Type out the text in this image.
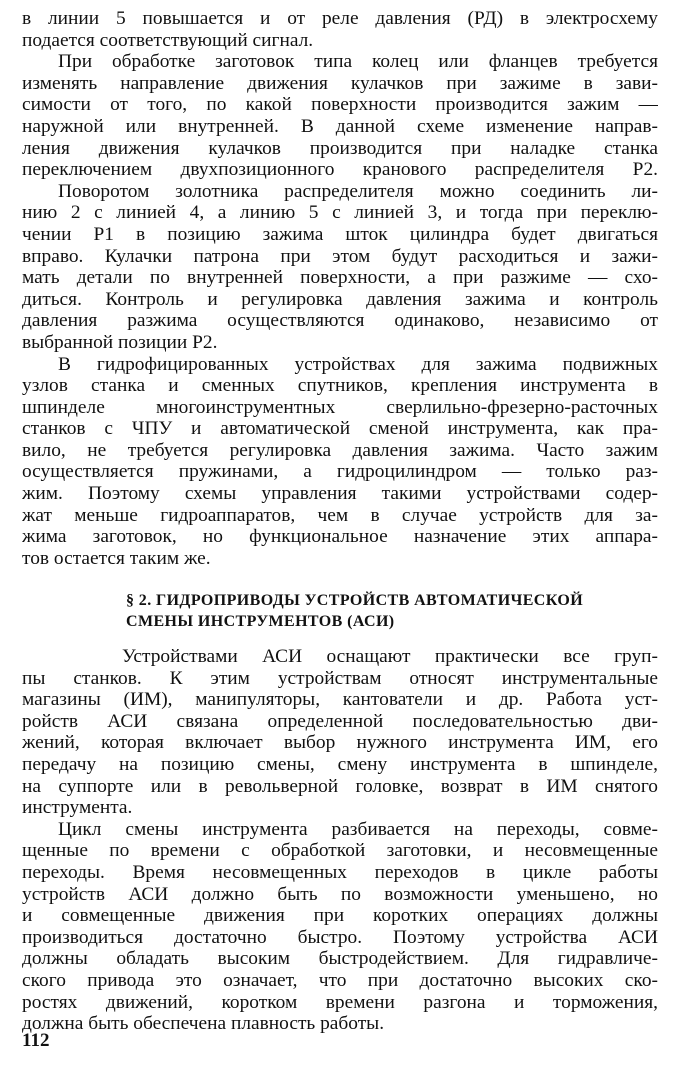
в линии 5 повышается и от реле давления (РД) в электросхему
подается соответствующий сигнал.
При обработке заготовок типа колец или фланцев требуется
изменять направление движения кулачков при зажиме в зави-
симости от того, по какой поверхности производится зажим —
наружной или внутренней. В данной схеме изменение направ-
ления движения кулачков производится при наладке станка
переключением двухпозиционного кранового распределителя Р2.
Поворотом золотника распределителя можно соединить ли-
нию 2 с линией 4, а линию 5 с линией 3, и тогда при переклю-
чении Р1 в позицию зажима шток цилиндра будет двигаться
вправо. Кулачки патрона при этом будут расходиться и зажи-
мать детали по внутренней поверхности, а при разжиме — схо-
диться. Контроль и регулировка давления зажима и контроль
давления разжима осуществляются одинаково, независимо от
выбранной позиции Р2.
В гидрофицированных устройствах для зажима подвижных
узлов станка и сменных спутников, крепления инструмента в
шпинделе многоинструментных сверлильно-фрезерно-расточных
станков с ЧПУ и автоматической сменой инструмента, как пра-
вило, не требуется регулировка давления зажима. Часто зажим
осуществляется пружинами, а гидроцилиндром — только раз-
жим. Поэтому схемы управления такими устройствами содер-
жат меньше гидроаппаратов, чем в случае устройств для за-
жима заготовок, но функциональное назначение этих аппара-
тов остается таким же.
§ 2. ГИДРОПРИВОДЫ УСТРОЙСТВ АВТОМАТИЧЕСКОЙ
СМЕНЫ ИНСТРУМЕНТОВ (АСИ)
Устройствами АСИ оснащают практически все груп-
пы станков. К этим устройствам относят инструментальные
магазины (ИМ), манипуляторы, кантователи и др. Работа уст-
ройств АСИ связана определенной последовательностью дви-
жений, которая включает выбор нужного инструмента ИМ, его
передачу на позицию смены, смену инструмента в шпинделе,
на суппорте или в револьверной головке, возврат в ИМ снятого
инструмента.
Цикл смены инструмента разбивается на переходы, совме-
щенные по времени с обработкой заготовки, и несовмещенные
переходы. Время несовмещенных переходов в цикле работы
устройств АСИ должно быть по возможности уменьшено, но
и совмещенные движения при коротких операциях должны
производиться достаточно быстро. Поэтому устройства АСИ
должны обладать высоким быстродействием. Для гидравличе-
ского привода это означает, что при достаточно высоких ско-
ростях движений, коротком времени разгона и торможения,
должна быть обеспечена плавность работы.
112
